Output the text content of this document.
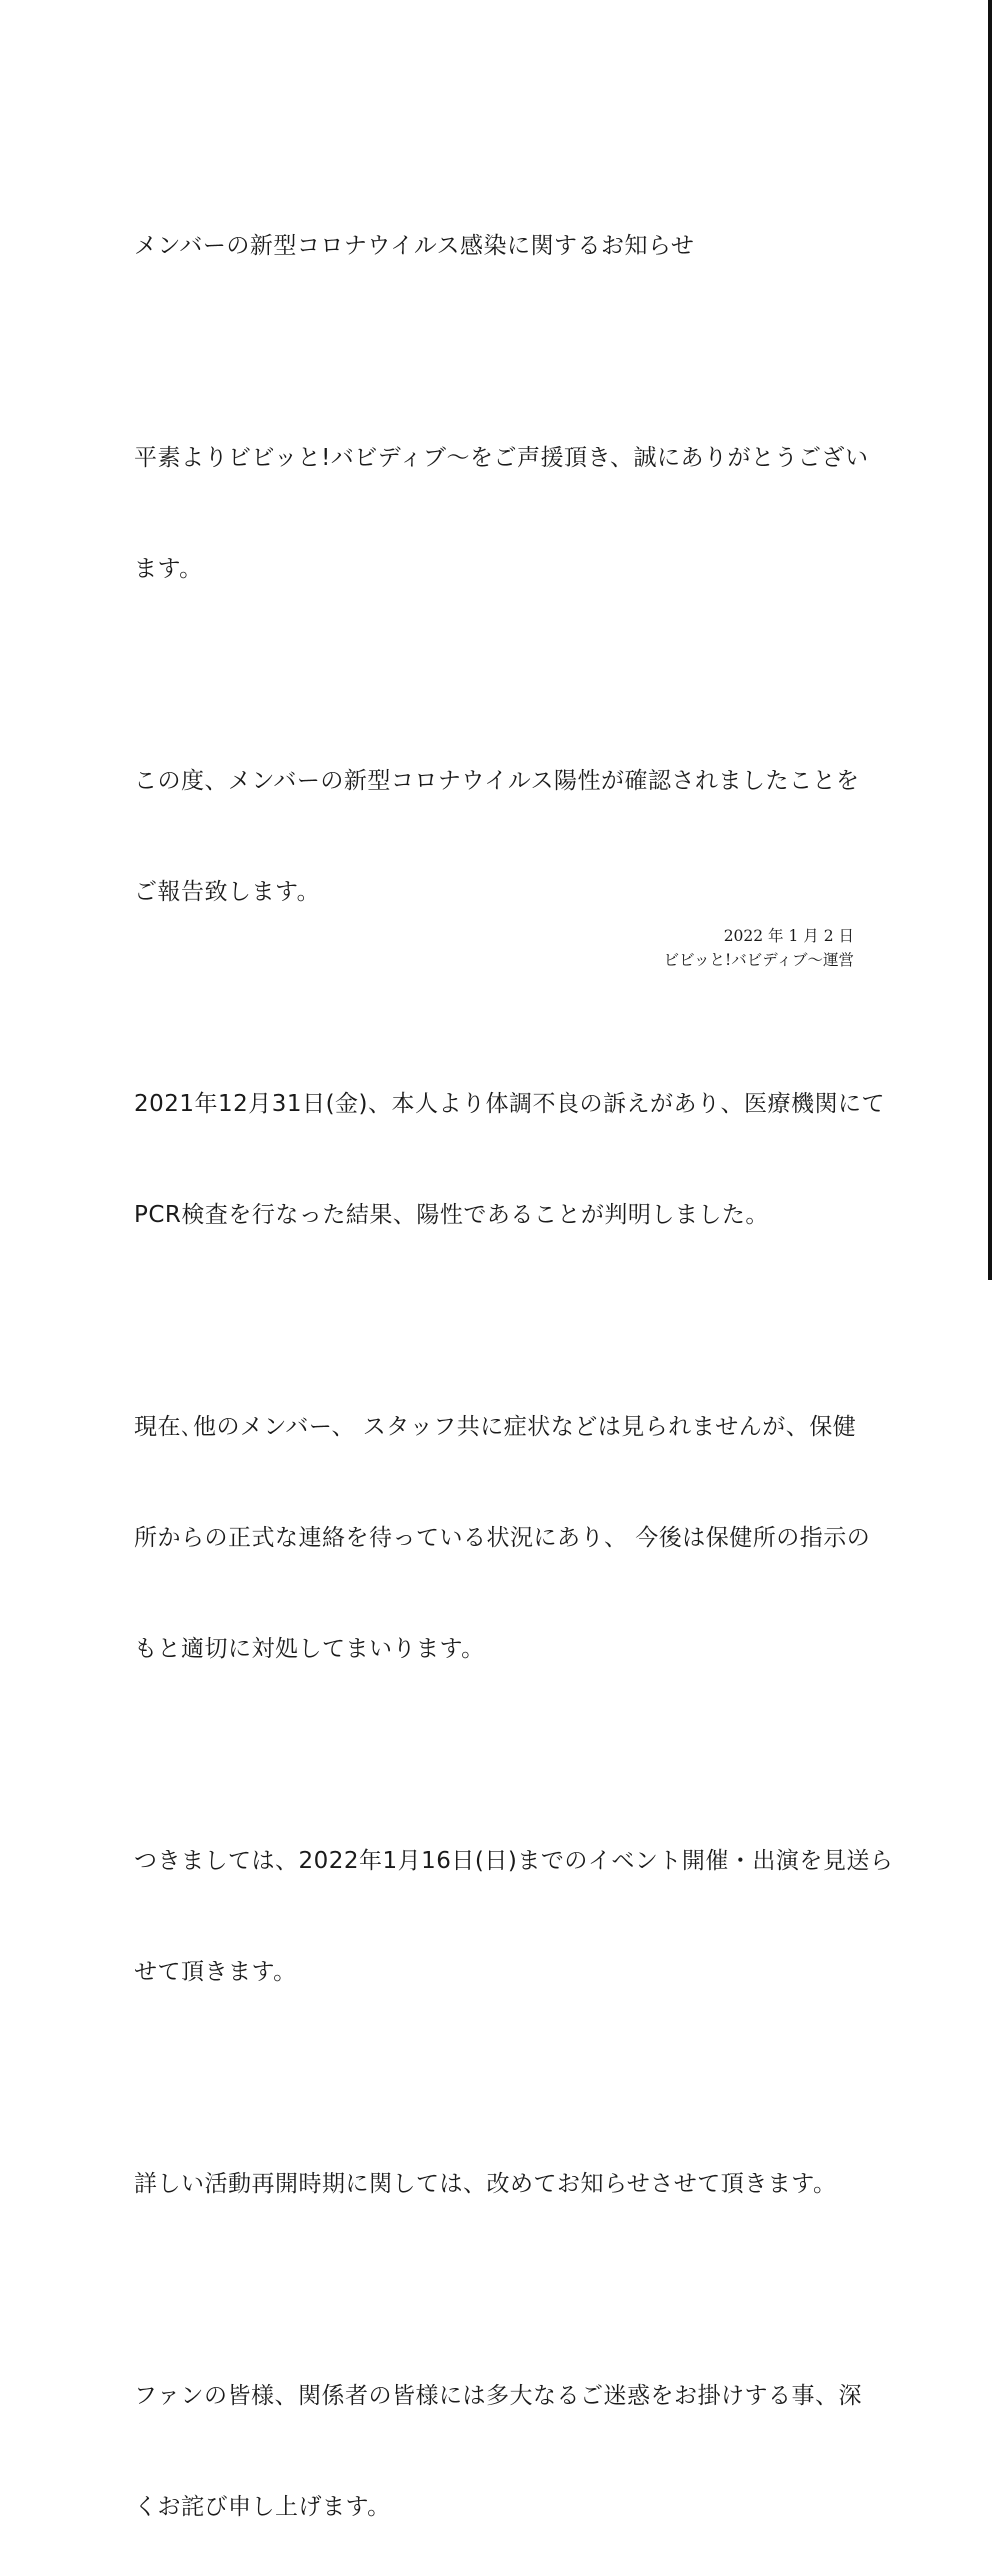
メンバーの新型コロナウイルス感染に関するお知らせ

平素よりビビッと!バビディブ〜をご声援頂き、誠にありがとうござい

ます。

この度、メンバーの新型コロナウイルス陽性が確認されましたことを

ご報告致します。

2021年12月31日(金)、本人より体調不良の訴えがあり、医療機関にて

PCR検査を行なった結果、陽性であることが判明しました。

現在､他のメンバー、 スタッフ共に症状などは見られませんが、保健

所からの正式な連絡を待っている状況にあり、 今後は保健所の指示の

もと適切に対処してまいります。

つきましては、2022年1月16日(日)までのイベント開催・出演を見送ら

せて頂きます。

詳しい活動再開時期に関しては、改めてお知らせさせて頂きます。

ファンの皆様、関係者の皆様には多大なるご迷惑をお掛けする事、深

くお詫び申し上げます。

2022 年 1 月 2 日
ビビッと!バビディブ〜運営
